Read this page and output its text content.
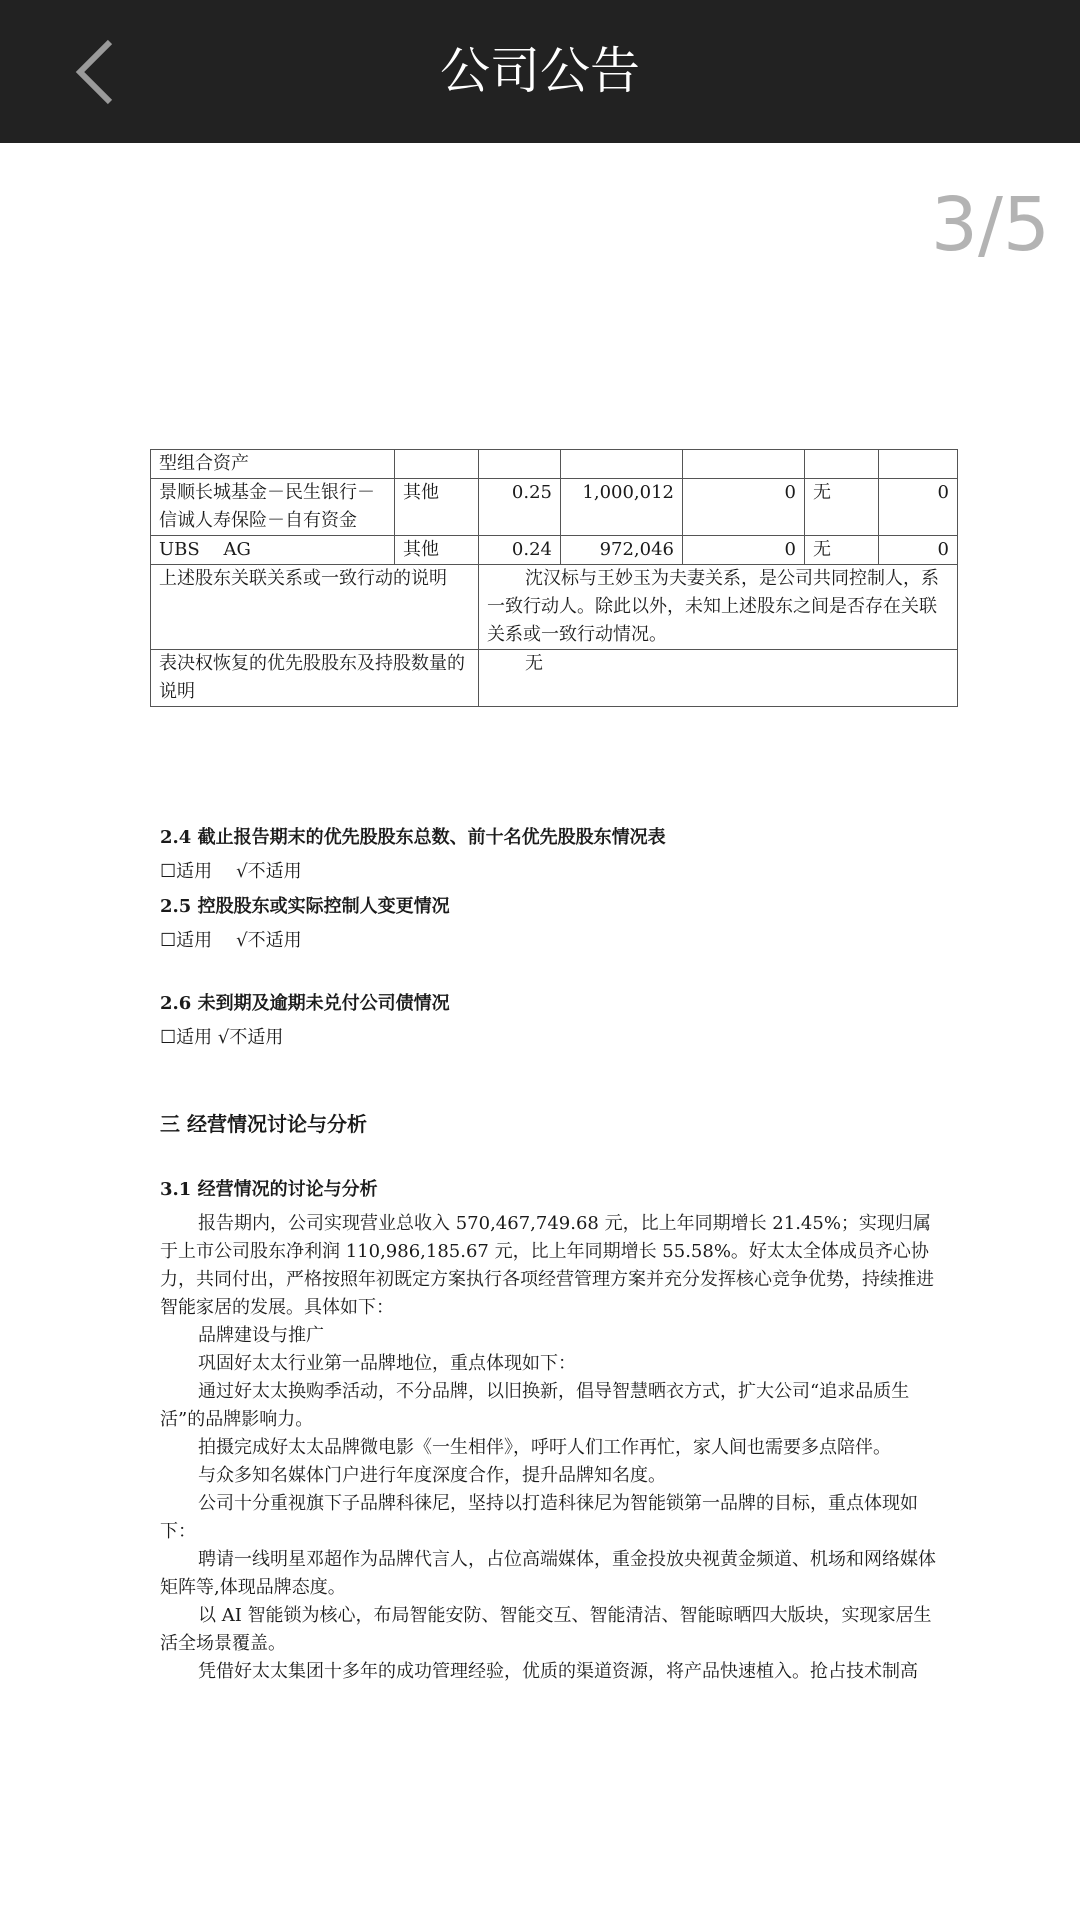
公司公告
3/5
型组合资产						
景顺长城基金－民生银行－信诚人寿保险－自有资金	其他	0.25	1,000,012	0	无	0
UBS　 AG	其他	0.24	972,046	0	无	0
上述股东关联关系或一致行动的说明		沈汉标与王妙玉为夫妻关系，是公司共同控制人，系一致行动人。除此以外，未知上述股东之间是否存在关联关系或一致行动情况。				
表决权恢复的优先股股东及持股数量的说明		无				
2.4 截止报告期末的优先股股东总数、前十名优先股股东情况表
☐适用 √不适用
2.5 控股股东或实际控制人变更情况
☐适用 √不适用
2.6 未到期及逾期未兑付公司债情况
☐适用 √不适用
三 经营情况讨论与分析
3.1 经营情况的讨论与分析
报告期内，公司实现营业总收入 570,467,749.68 元，比上年同期增长 21.45%；实现归属于上市公司股东净利润 110,986,185.67 元，比上年同期增长 55.58%。好太太全体成员齐心协力，共同付出，严格按照年初既定方案执行各项经营管理方案并充分发挥核心竞争优势，持续推进智能家居的发展。具体如下：
品牌建设与推广
巩固好太太行业第一品牌地位，重点体现如下：
通过好太太换购季活动，不分品牌，以旧换新，倡导智慧晒衣方式，扩大公司“追求品质生活”的品牌影响力。
拍摄完成好太太品牌微电影《一生相伴》，呼吁人们工作再忙，家人间也需要多点陪伴。
与众多知名媒体门户进行年度深度合作，提升品牌知名度。
公司十分重视旗下子品牌科徕尼，坚持以打造科徕尼为智能锁第一品牌的目标，重点体现如下：
聘请一线明星邓超作为品牌代言人，占位高端媒体，重金投放央视黄金频道、机场和网络媒体矩阵等,体现品牌态度。
以 AI 智能锁为核心，布局智能安防、智能交互、智能清洁、智能晾晒四大版块，实现家居生活全场景覆盖。
凭借好太太集团十多年的成功管理经验，优质的渠道资源，将产品快速植入。抢占技术制高
